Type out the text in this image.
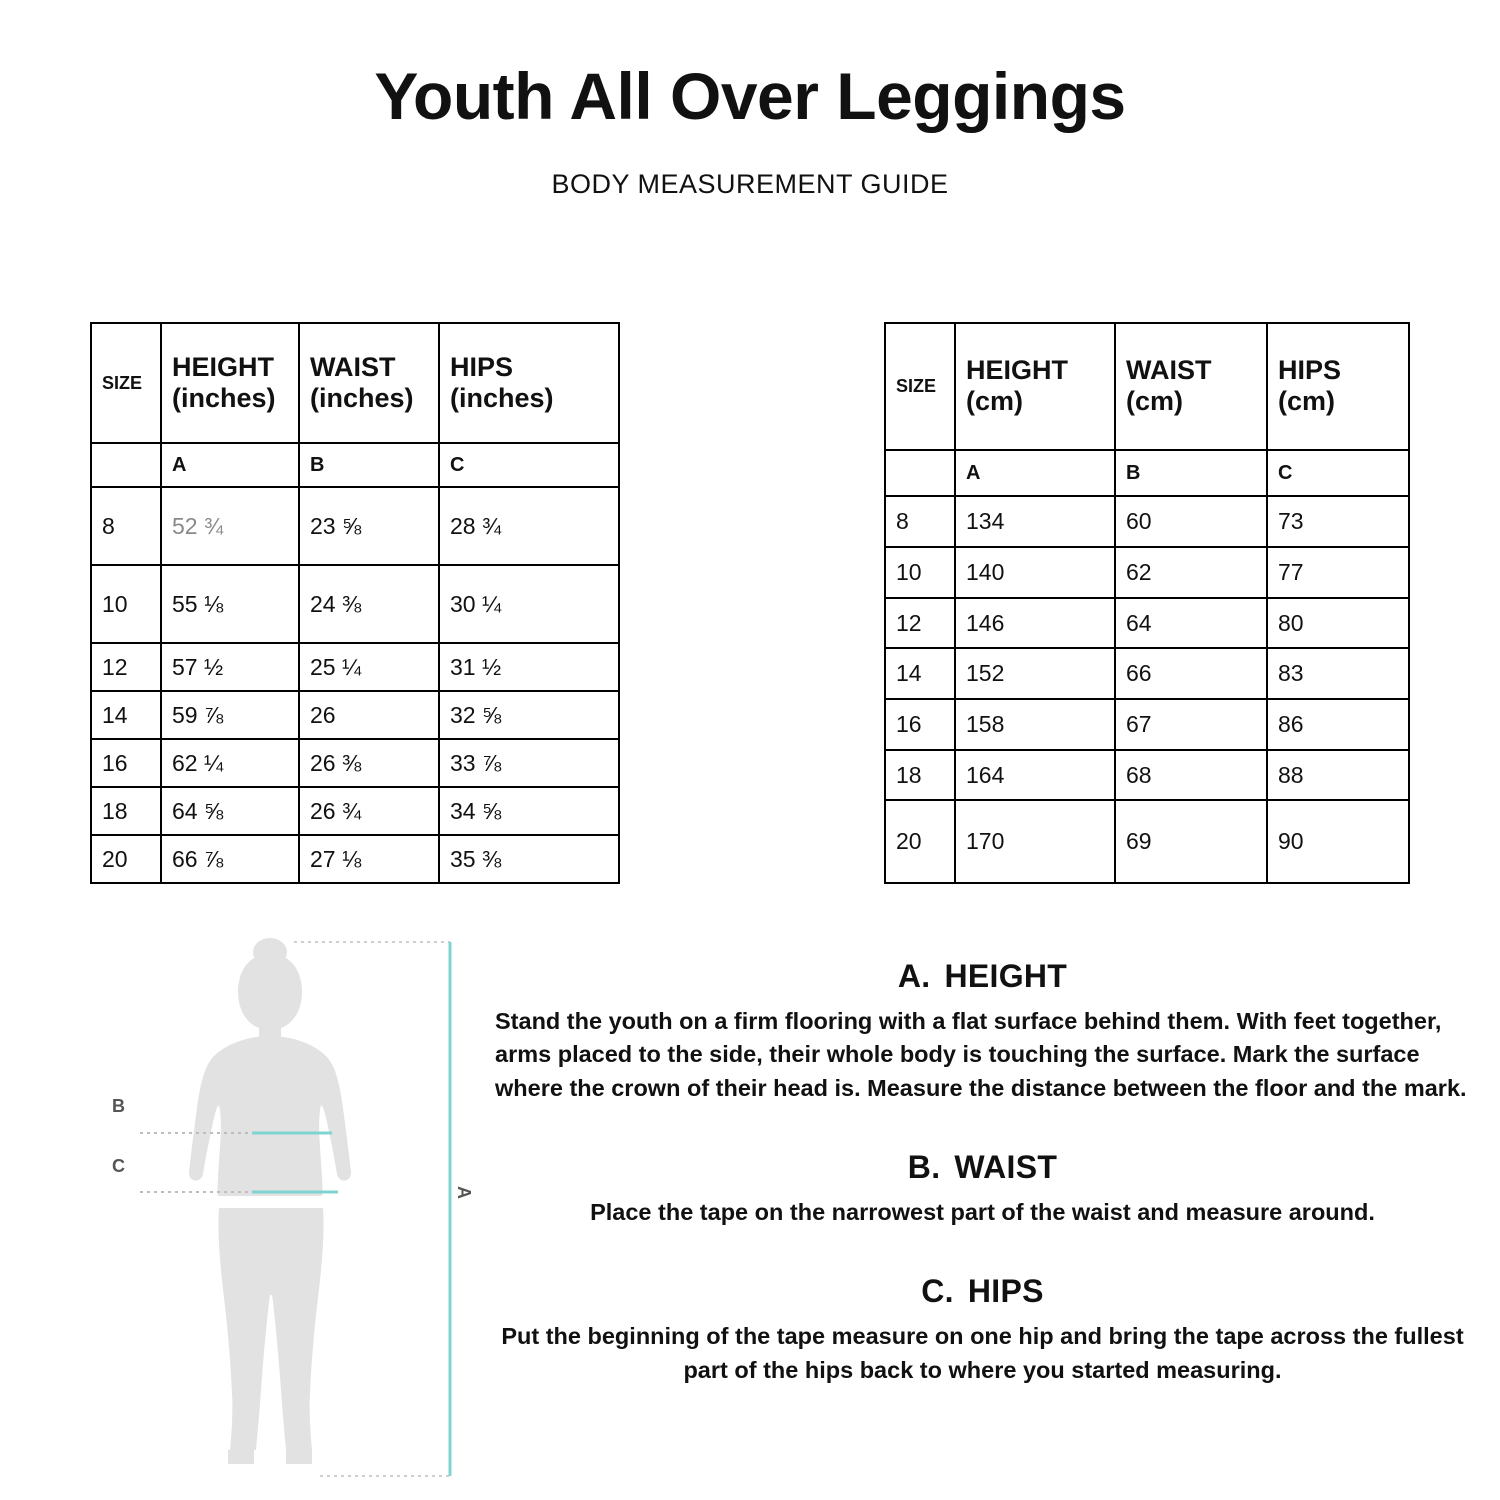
Youth All Over Leggings
BODY MEASUREMENT GUIDE
SIZE	HEIGHT (inches)	WAIST (inches)	HIPS (inches)
	A	B	C
8	52 ¾	23 ⅝	28 ¾
10	55 ⅛	24 ⅜	30 ¼
12	57 ½	25 ¼	31 ½
14	59 ⅞	26	32 ⅝
16	62 ¼	26 ⅜	33 ⅞
18	64 ⅝	26 ¾	34 ⅝
20	66 ⅞	27 ⅛	35 ⅜
SIZE	HEIGHT (cm)	WAIST (cm)	HIPS (cm)
	A	B	C
8	134	60	73
10	140	62	77
12	146	64	80
14	152	66	83
16	158	67	86
18	164	68	88
20	170	69	90
B
C
A
A. HEIGHT

Stand the youth on a firm flooring with a flat surface behind them. With feet together, arms placed to the side, their whole body is touching the surface. Mark the surface where the crown of their head is. Measure the distance between the floor and the mark.

B. WAIST

Place the tape on the narrowest part of the waist and measure around.

C. HIPS

Put the beginning of the tape measure on one hip and bring the tape across the fullest part of the hips back to where you started measuring.
